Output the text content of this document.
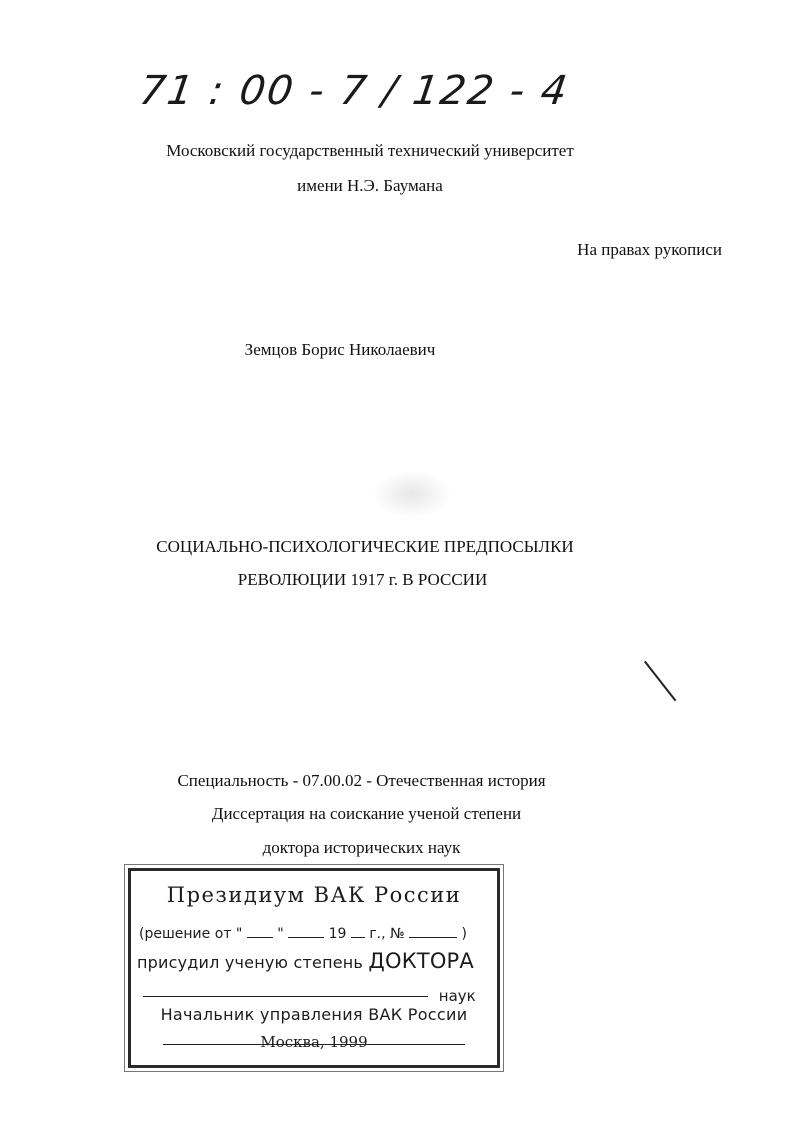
71 : 00 - 7 / 122 - 4
Московский государственный технический университет
имени Н.Э. Баумана
На правах рукописи
Земцов Борис Николаевич
СОЦИАЛЬНО-ПСИХОЛОГИЧЕСКИЕ ПРЕДПОСЫЛКИ
РЕВОЛЮЦИИ 1917 г. В РОССИИ
Специальность - 07.00.02 - Отечественная история
Диссертация на соискание ученой степени
доктора исторических наук
Президиум ВАК России
(решение от " "	19 г., №	)
присудил ученую степень ДОКТОРА
наук
Начальник управления ВАК России
Москва, 1999
